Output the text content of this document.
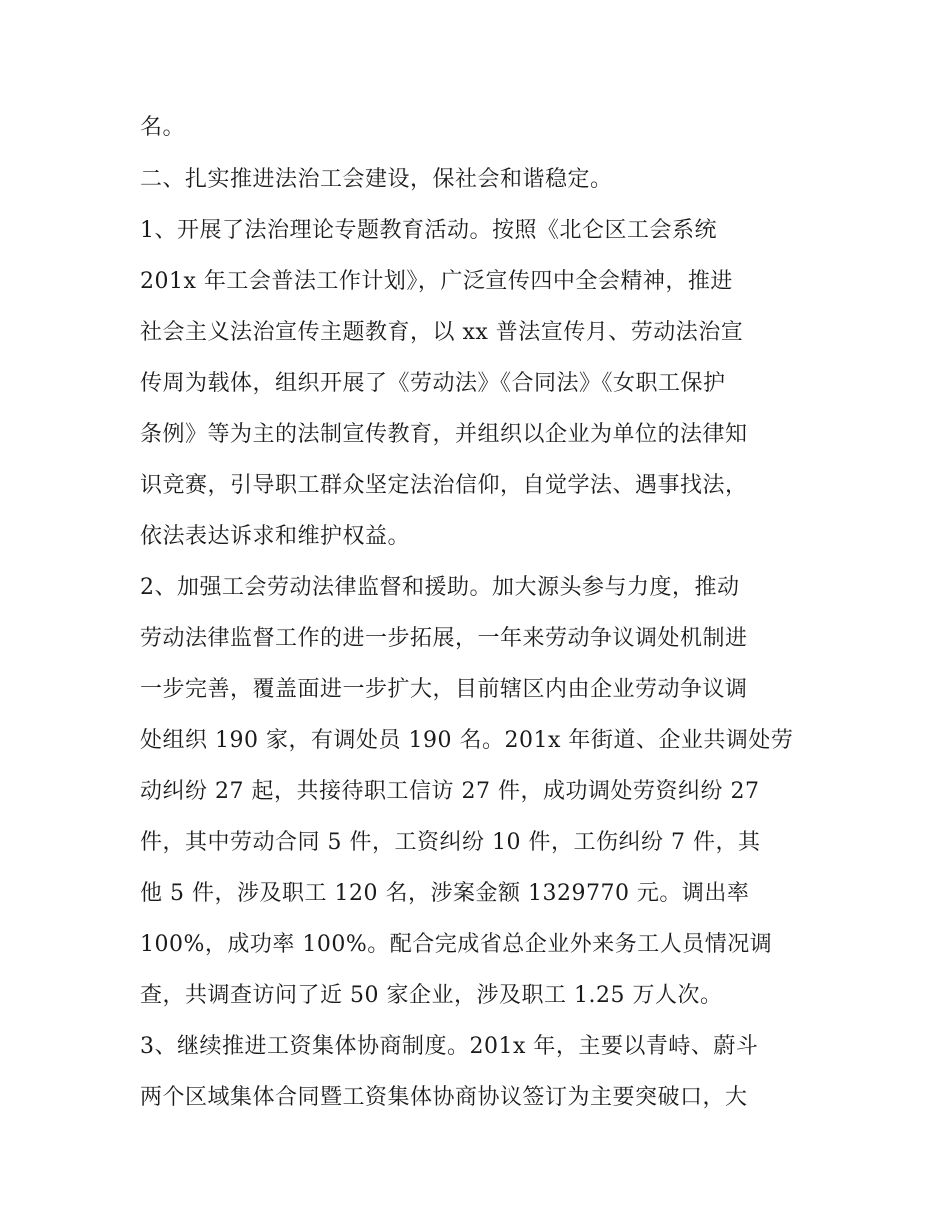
名。
二、扎实推进法治工会建设，保社会和谐稳定。
1、开展了法治理论专题教育活动。按照《北仑区工会系统
201x 年工会普法工作计划》，广泛宣传四中全会精神，推进
社会主义法治宣传主题教育，以 xx 普法宣传月、劳动法治宣
传周为载体，组织开展了《劳动法》《合同法》《女职工保护
条例》等为主的法制宣传教育，并组织以企业为单位的法律知
识竞赛，引导职工群众坚定法治信仰，自觉学法、遇事找法，
依法表达诉求和维护权益。
2、加强工会劳动法律监督和援助。加大源头参与力度，推动
劳动法律监督工作的进一步拓展，一年来劳动争议调处机制进
一步完善，覆盖面进一步扩大，目前辖区内由企业劳动争议调
处组织 190 家，有调处员 190 名。201x 年街道、企业共调处劳
动纠纷 27 起，共接待职工信访 27 件，成功调处劳资纠纷 27
件，其中劳动合同 5 件，工资纠纷 10 件，工伤纠纷 7 件，其
他 5 件，涉及职工 120 名，涉案金额 1329770 元。调出率
100%，成功率 100%。配合完成省总企业外来务工人员情况调
查，共调查访问了近 50 家企业，涉及职工 1.25 万人次。
3、继续推进工资集体协商制度。201x 年，主要以青峙、蔚斗
两个区域集体合同暨工资集体协商协议签订为主要突破口，大
